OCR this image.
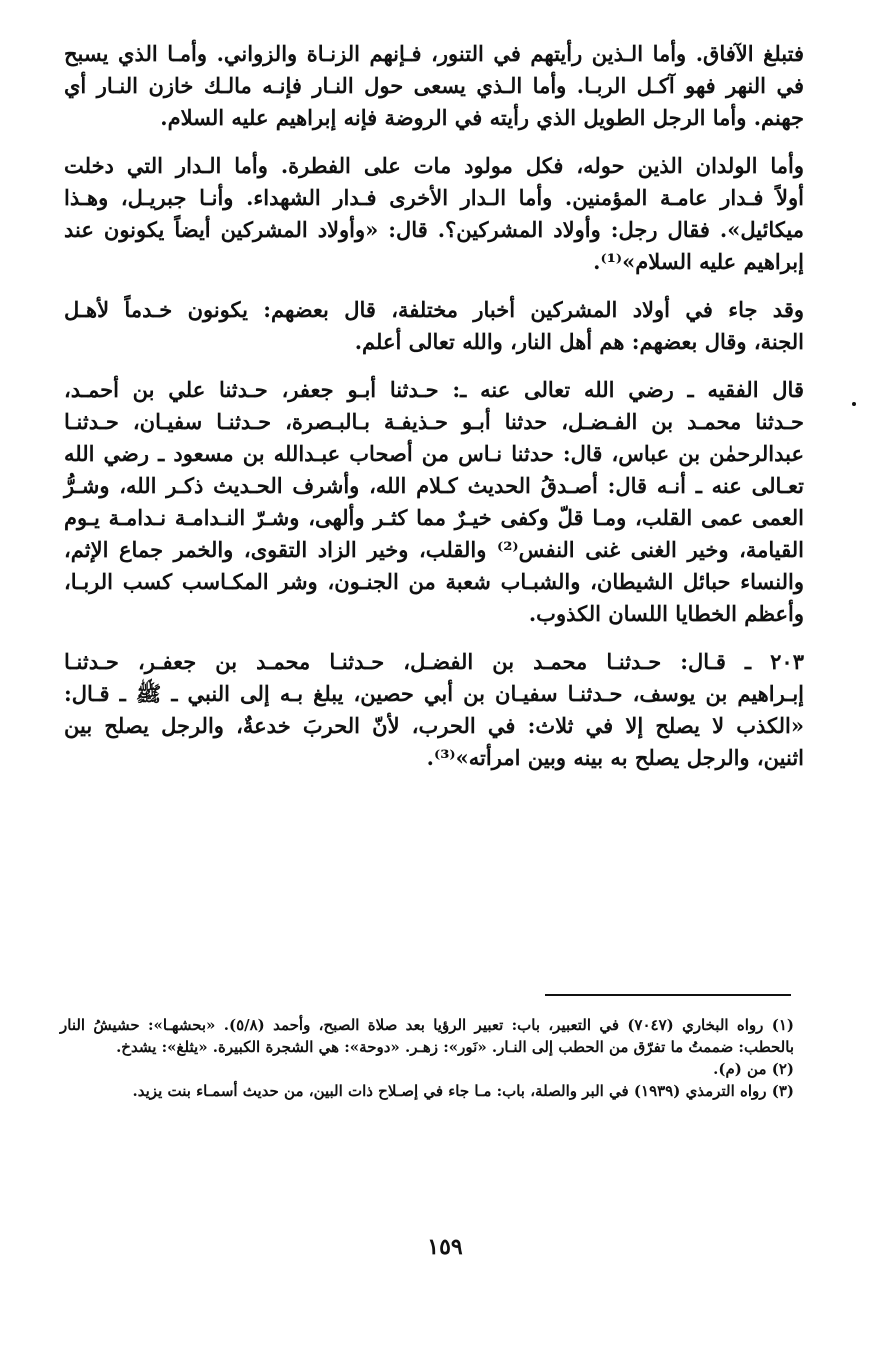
فتبلغ الآفاق. وأما الـذين رأيتهم في التنور، فـإنهم الزنـاة والزواني. وأمـا الذي يسبح
في النهر فهو آكـل الربـا. وأما الـذي يسعى حول النـار فإنـه مالـك خازن النـار أي
جهنم. وأما الرجل الطويل الذي رأيته في الروضة فإنه إبراهيم عليه السلام.

وأما الولدان الذين حوله، فكل مولود مات على الفطرة. وأما الـدار التي دخلت
أولاً فـدار عامـة المؤمنين. وأما الـدار الأخرى فـدار الشهداء. وأنـا جبريـل، وهـذا
ميكائيل». فقال رجل: وأولاد المشركين؟. قال: «وأولاد المشركين أيضاً يكونون عند
إبراهيم عليه السلام»⁽¹⁾.

وقد جاء في أولاد المشركين أخبار مختلفة، قال بعضهم: يكونون خـدماً لأهـل
الجنة، وقال بعضهم: هم أهل النار، والله تعالى أعلم.

قال الفقيه ـ رضي الله تعالى عنه ـ: حـدثنا أبـو جعفر، حـدثنا علي بن أحمـد،
حـدثنا محمـد بن الفـضـل، حدثنا أبـو حـذيفـة بـالبـصرة، حـدثنـا سفيـان، حـدثنـا
عبدالرحمٰن بن عباس، قال: حدثنا نـاس من أصحاب عبـدالله بن مسعود ـ رضي الله
تعـالى عنه ـ أنـه قال: أصـدقُ الحديث كـلام الله، وأشرف الحـديث ذكـر الله، وشـرُّ
العمى عمى القلب، ومـا قلّ وكفى خيـرٌ مما كثـر وألهى، وشـرّ النـدامـة نـدامـة يـوم
القيامة، وخير الغنى غنى النفس⁽²⁾ والقلب، وخير الزاد التقوى، والخمر جماع الإثم،
والنساء حبائل الشيطان، والشبـاب شعبة من الجنـون، وشر المكـاسب كسب الربـا،
وأعظم الخطايا اللسان الكذوب.

٢٠٣ ـ قـال: حـدثنـا محمـد بن الفضـل، حـدثنـا محمـد بن جعفـر، حـدثنـا
إبـراهيم بن يوسف، حـدثنـا سفيـان بن أبي حصين، يبلغ بـه إلى النبي ـ ﷺ ـ قـال:
«الكذب لا يصلح إلا في ثلاث: في الحرب، لأنّ الحربَ خدعةٌ، والرجل يصلح بين
اثنين، والرجل يصلح به بينه وبين امرأته»⁽³⁾.

(١) رواه البخاري (٧٠٤٧) في التعبير، باب: تعبير الرؤيا بعد صلاة الصبح، وأحمد (٥/٨). «بحشهـا»: حشيشُ النار بالحطب: ضممتُ ما تفرّق من الحطب إلى النـار. «نَور»: زهـر. «دوحة»: هي الشجرة الكبيرة. «يثلغ»: يشدخ.

(٢) من (م).

(٣) رواه الترمذي (١٩٣٩) في البر والصلة، باب: مـا جاء في إصـلاح ذات البين، من حديث أسمـاء بنت يزيد.

١٥٩
